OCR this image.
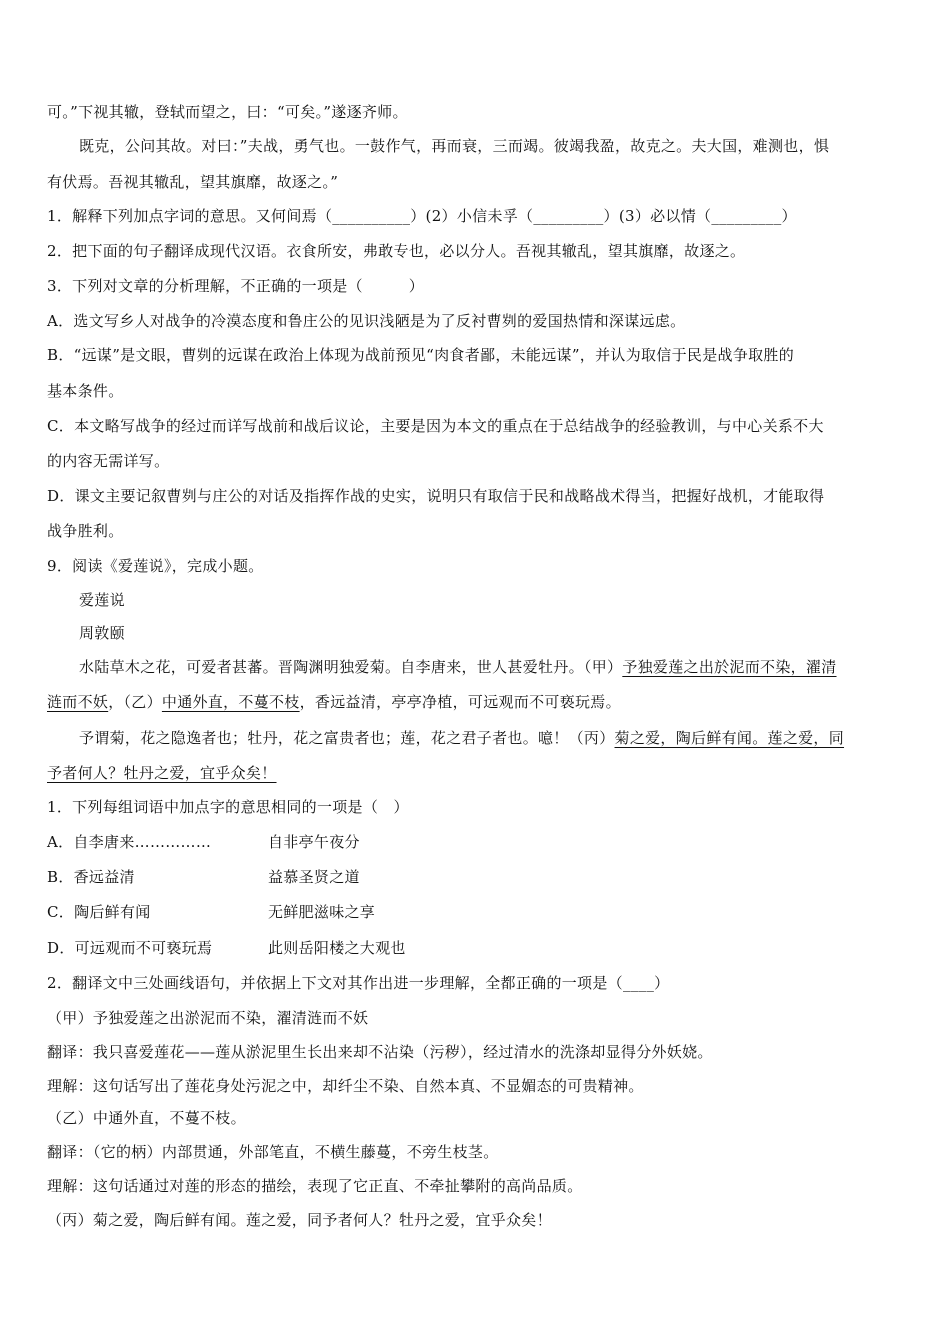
可。”下视其辙，登轼而望之，曰：“可矣。”遂逐齐师。
既克，公问其故。对曰：”夫战，勇气也。一鼓作气，再而衰，三而竭。彼竭我盈，故克之。夫大国，难测也，惧
有伏焉。吾视其辙乱，望其旗靡，故逐之。”
1．解释下列加点字词的意思。又何间焉（__________）(2）小信未孚（_________）(3）必以情（_________）
2．把下面的句子翻译成现代汉语。衣食所安，弗敢专也，必以分人。吾视其辙乱，望其旗靡，故逐之。
3．下列对文章的分析理解，不正确的一项是（　　　）
A．选文写乡人对战争的冷漠态度和鲁庄公的见识浅陋是为了反衬曹刿的爱国热情和深谋远虑。
B．“远谋”是文眼，曹刿的远谋在政治上体现为战前预见“肉食者鄙，未能远谋”，并认为取信于民是战争取胜的
基本条件。
C．本文略写战争的经过而详写战前和战后议论，主要是因为本文的重点在于总结战争的经验教训，与中心关系不大
的内容无需详写。
D．课文主要记叙曹刿与庄公的对话及指挥作战的史实，说明只有取信于民和战略战术得当，把握好战机，才能取得
战争胜利。
9．阅读《爱莲说》，完成小题。
爱莲说
周敦颐
水陆草木之花，可爱者甚蕃。晋陶渊明独爱菊。自李唐来，世人甚爱牡丹。（甲）予独爱莲之出於泥而不染，濯清
涟而不妖，（乙）中通外直，不蔓不枝，香远益清，亭亭净植，可远观而不可亵玩焉。
予谓菊，花之隐逸者也；牡丹，花之富贵者也；莲，花之君子者也。噫！（丙）菊之爱，陶后鲜有闻。莲之爱，同
予者何人？牡丹之爱，宜乎众矣！
1．下列每组词语中加点字的意思相同的一项是（　）
A．自李唐来……………	自非亭午夜分
B．香远益清	益慕圣贤之道
C．陶后鲜有闻	无鲜肥滋味之享
D．可远观而不可亵玩焉	此则岳阳楼之大观也
2．翻译文中三处画线语句，并依据上下文对其作出进一步理解，全都正确的一项是（____）
（甲）予独爱莲之出淤泥而不染，濯清涟而不妖
翻译：我只喜爱莲花——莲从淤泥里生长出来却不沾染（污秽），经过清水的洗涤却显得分外妖娆。
理解：这句话写出了莲花身处污泥之中，却纤尘不染、自然本真、不显媚态的可贵精神。
（乙）中通外直，不蔓不枝。
翻译：（它的柄）内部贯通，外部笔直，不横生藤蔓，不旁生枝茎。
理解：这句话通过对莲的形态的描绘，表现了它正直、不牵扯攀附的高尚品质。
（丙）菊之爱，陶后鲜有闻。莲之爱，同予者何人？牡丹之爱，宜乎众矣！
